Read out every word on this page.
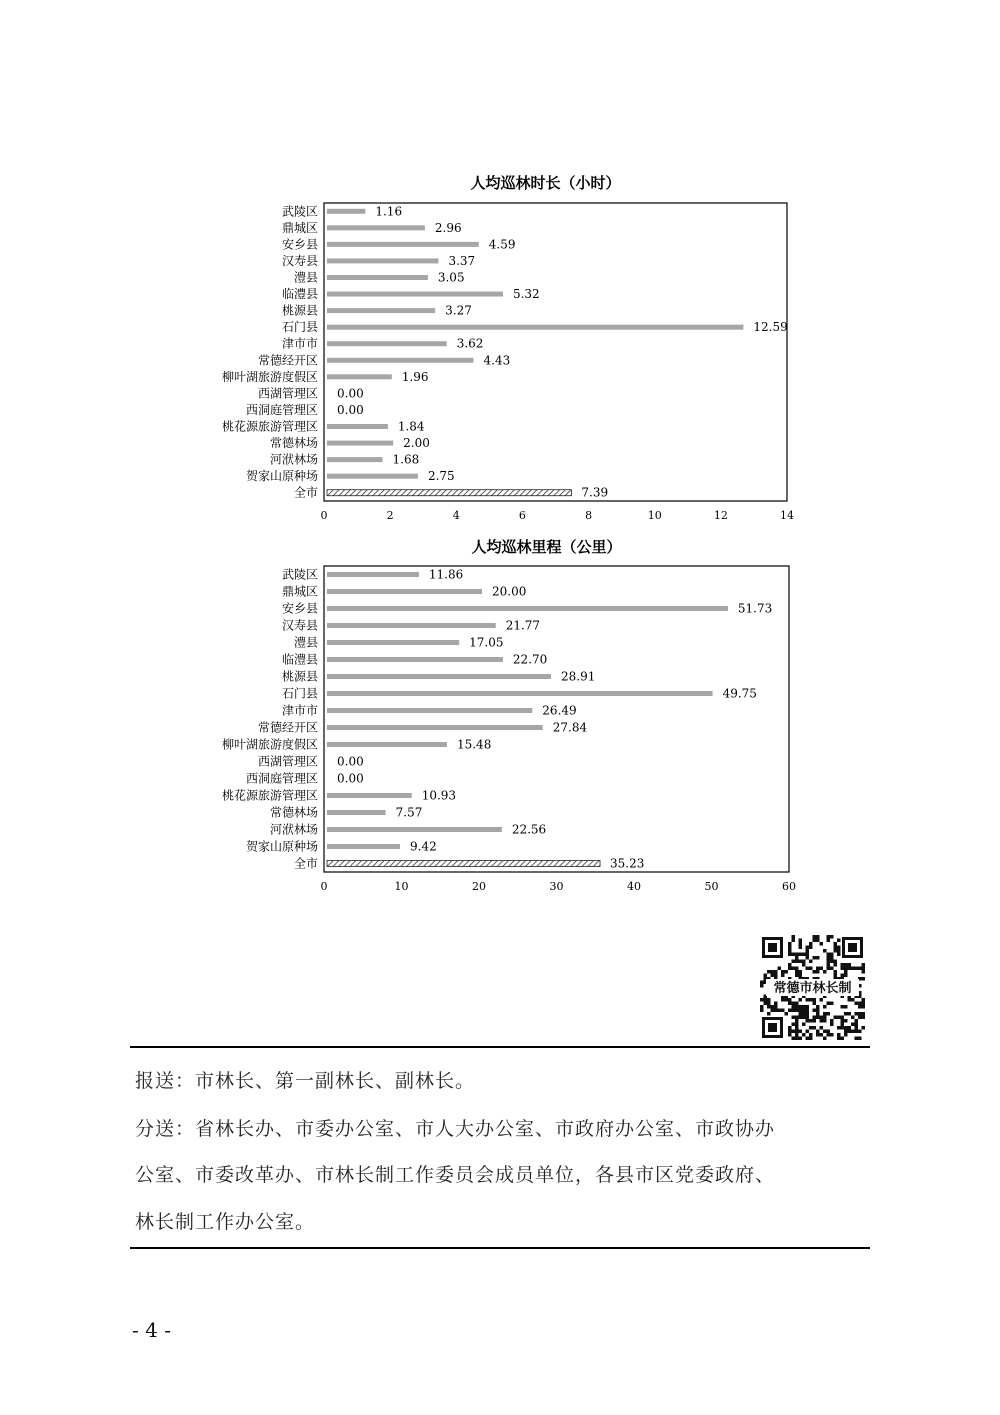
人均巡林时长（小时）
武陵区	1.16
鼎城区	2.96
安乡县	4.59
汉寿县	3.37
澧县	3.05
临澧县	5.32
桃源县	3.27
石门县	12.59
津市市	3.62
常德经开区	4.43
柳叶湖旅游度假区	1.96
西湖管理区 0.00
西洞庭管理区 0.00
桃花源旅游管理区	1.84
常德林场	2.00
河洑林场	1.68
贺家山原种场	2.75
全市	7.39
0	2	4	6	8	10	12	14
人均巡林里程（公里）
武陵区	11.86
鼎城区	20.00
安乡县	51.73
汉寿县	21.77
澧县	17.05
临澧县	22.70
桃源县	28.91
石门县	49.75
津市市	26.49
常德经开区	27.84
柳叶湖旅游度假区	15.48
西湖管理区 0.00
西洞庭管理区 0.00
桃花源旅游管理区	10.93
常德林场	7.57
河洑林场	22.56
贺家山原种场	9.42
全市	35.23
0	10	20	30	40	50	60
常德市林长制
报送：市林长、第一副林长、副林长。
分送：省林长办、市委办公室、市人大办公室、市政府办公室、市政协办
公室、市委改革办、市林长制工作委员会成员单位，各县市区党委政府、
林长制工作办公室。
- 4 -
